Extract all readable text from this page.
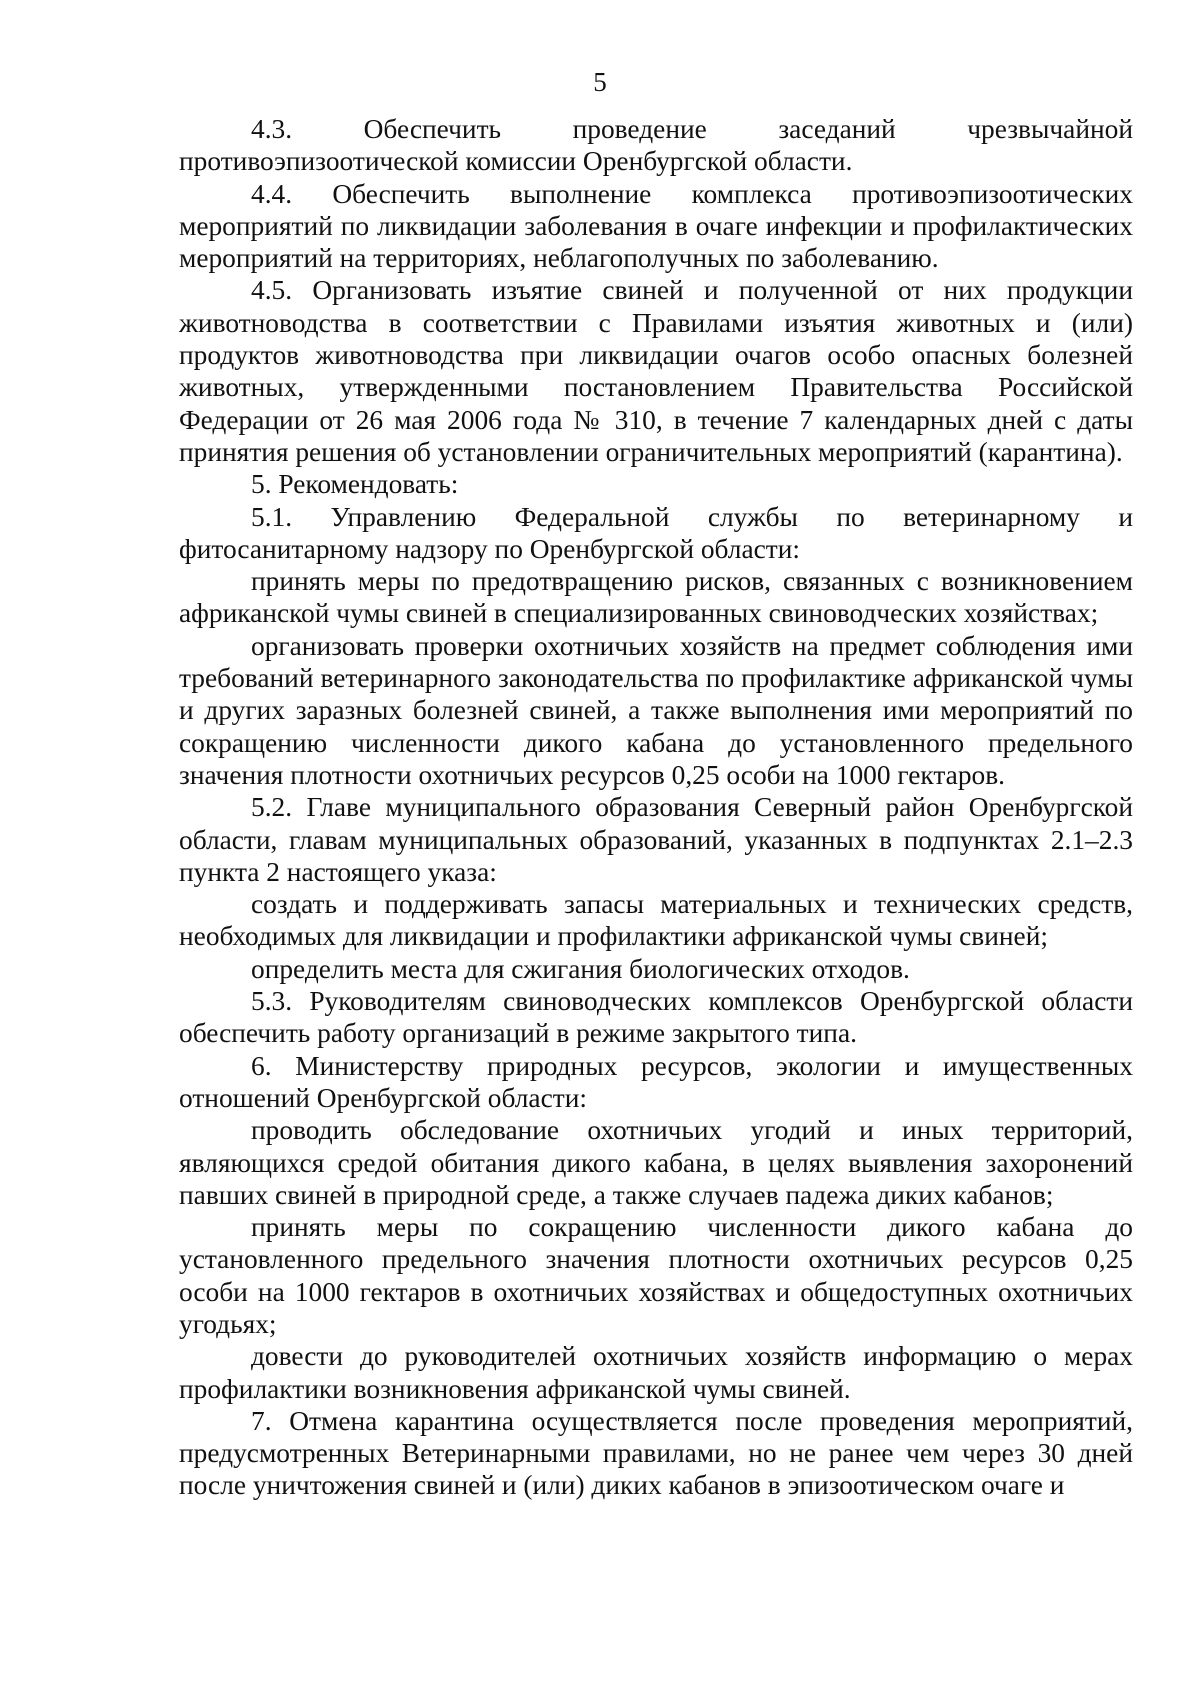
5

4.3. Обеспечить проведение заседаний чрезвычайной противоэпизоотической комиссии Оренбургской области.

4.4. Обеспечить выполнение комплекса противоэпизоотических мероприятий по ликвидации заболевания в очаге инфекции и профилактических мероприятий на территориях, неблагополучных по заболеванию.

4.5. Организовать изъятие свиней и полученной от них продукции животноводства в соответствии с Правилами изъятия животных и (или) продуктов животноводства при ликвидации очагов особо опасных болезней животных, утвержденными постановлением Правительства Российской Федерации от 26 мая 2006 года № 310, в течение 7 календарных дней с даты принятия решения об установлении ограничительных мероприятий (карантина).

5. Рекомендовать:

5.1. Управлению Федеральной службы по ветеринарному и фитосанитарному надзору по Оренбургской области:

принять меры по предотвращению рисков, связанных с возникновением африканской чумы свиней в специализированных свиноводческих хозяйствах;

организовать проверки охотничьих хозяйств на предмет соблюдения ими требований ветеринарного законодательства по профилактике африканской чумы и других заразных болезней свиней, а также выполнения ими мероприятий по сокращению численности дикого кабана до установленного предельного значения плотности охотничьих ресурсов 0,25 особи на 1000 гектаров.

5.2. Главе муниципального образования Северный район Оренбургской области, главам муниципальных образований, указанных в подпунктах 2.1–2.3 пункта 2 настоящего указа:

создать и поддерживать запасы материальных и технических средств, необходимых для ликвидации и профилактики африканской чумы свиней;

определить места для сжигания биологических отходов.

5.3. Руководителям свиноводческих комплексов Оренбургской области обеспечить работу организаций в режиме закрытого типа.

6. Министерству природных ресурсов, экологии и имущественных отношений Оренбургской области:

проводить обследование охотничьих угодий и иных территорий, являющихся средой обитания дикого кабана, в целях выявления захоронений павших свиней в природной среде, а также случаев падежа диких кабанов;

принять меры по сокращению численности дикого кабана до установленного предельного значения плотности охотничьих ресурсов 0,25 особи на 1000 гектаров в охотничьих хозяйствах и общедоступных охотничьих угодьях;

довести до руководителей охотничьих хозяйств информацию о мерах профилактики возникновения африканской чумы свиней.

7. Отмена карантина осуществляется после проведения мероприятий, предусмотренных Ветеринарными правилами, но не ранее чем через 30 дней после уничтожения свиней и (или) диких кабанов в эпизоотическом очаге и
